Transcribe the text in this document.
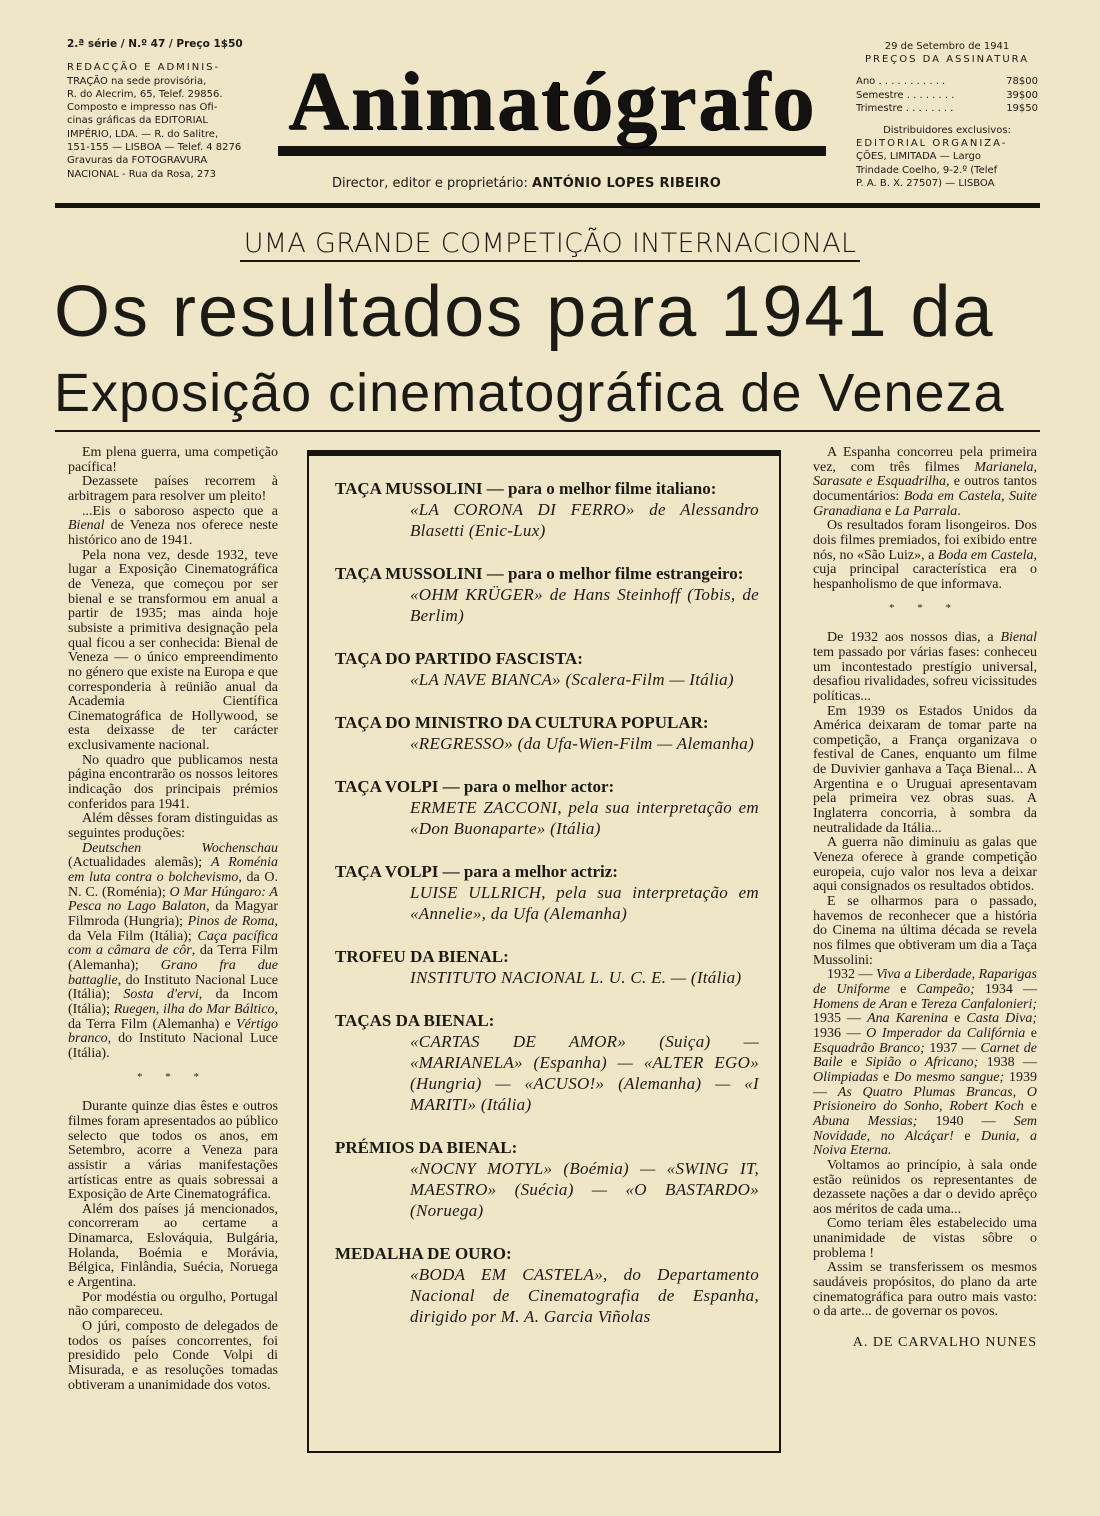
2.ª série / N.º 47 / Preço 1$50
REDACÇÃO E ADMINIS-
TRAÇÃO na sede provisória,
R. do Alecrim, 65, Telef. 29856.
Composto e impresso nas Ofi-
cinas gráficas da EDITORIAL
IMPÉRIO, LDA. — R. do Salitre,
151-155 — LISBOA — Telef. 4 8276
Gravuras da FOTOGRAVURA
NACIONAL - Rua da Rosa, 273
Animatógrafo
Director, editor e proprietário: ANTÓNIO LOPES RIBEIRO
29 de Setembro de 1941
PREÇOS DA ASSINATURA
Ano . . . . . . . . . . .	78$00
Semestre . . . . . . . .	39$00
Trimestre . . . . . . . .	19$50
Distribuidores exclusivos:
EDITORIAL ORGANIZA-
ÇÕES, LIMITADA — Largo
Trindade Coelho, 9-2.º (Telef
P. A. B. X. 27507) — LISBOA
UMA GRANDE COMPETIÇÃO INTERNACIONAL
Os resultados para 1941 da
Exposição cinematográfica de Veneza

Em plena guerra, uma competição pacífica!

Dezassete países recorrem à arbitragem para resolver um pleito!

...Eis o saboroso aspecto que a Bienal de Veneza nos oferece neste histórico ano de 1941.

Pela nona vez, desde 1932, teve lugar a Exposição Cinematográfica de Veneza, que começou por ser bienal e se transformou em anual a partir de 1935; mas ainda hoje subsiste a primitiva designação pela qual ficou a ser conhecida: Bienal de Veneza — o único empreendimento no género que existe na Europa e que corresponderia à reünião anual da Academia Científica Cinematográfica de Hollywood, se esta deixasse de ter carácter exclusivamente nacional.

No quadro que publicamos nesta página encontrarão os nossos leitores indicação dos principais prémios conferidos para 1941.

Além dêsses foram distinguidas as seguintes produções:

Deutschen Wochenschau (Actualidades alemãs); A Roménia em luta contra o bolchevismo, da O. N. C. (Roménia); O Mar Húngaro: A Pesca no Lago Balaton, da Magyar Filmroda (Hungria); Pinos de Roma, da Vela Film (Itália); Caça pacífica com a câmara de côr, da Terra Film (Alemanha); Grano fra due battaglie, do Instituto Nacional Luce (Itália); Sosta d'ervi, da Incom (Itália); Ruegen, ilha do Mar Báltico, da Terra Film (Alemanha) e Vértigo branco, do Instituto Nacional Luce (Itália).

* * *

Durante quinze dias êstes e outros filmes foram apresentados ao público selecto que todos os anos, em Setembro, acorre a Veneza para assistir a várias manifestações artísticas entre as quais sobressai a Exposição de Arte Cinematográfica.

Além dos países já mencionados, concorreram ao certame a Dinamarca, Eslováquia, Bulgária, Holanda, Boémia e Morávia, Bélgica, Finlândia, Suécia, Noruega e Argentina.

Por modéstia ou orgulho, Portugal não compareceu.

O júri, composto de delegados de todos os países concorrentes, foi presidido pelo Conde Volpi di Misurada, e as resoluções tomadas obtiveram a unanimidade dos votos.

TAÇA MUSSOLINI — para o melhor filme italiano:
«LA CORONA DI FERRO» de Alessandro Blasetti (Enic-Lux)
TAÇA MUSSOLINI — para o melhor filme estrangeiro:
«OHM KRÜGER» de Hans Steinhoff (Tobis, de Berlim)
TAÇA DO PARTIDO FASCISTA:
«LA NAVE BIANCA» (Scalera-Film — Itália)
TAÇA DO MINISTRO DA CULTURA POPULAR:
«REGRESSO» (da Ufa-Wien-Film — Alemanha)
TAÇA VOLPI — para o melhor actor:
ERMETE ZACCONI, pela sua interpretação em «Don Buonaparte» (Itália)
TAÇA VOLPI — para a melhor actriz:
LUISE ULLRICH, pela sua interpretação em «Annelie», da Ufa (Alemanha)
TROFEU DA BIENAL:
INSTITUTO NACIONAL L. U. C. E. — (Itália)
TAÇAS DA BIENAL:
«CARTAS DE AMOR» (Suiça) — «MARIANELA» (Espanha) — «ALTER EGO» (Hungria) — «ACUSO!» (Alemanha) — «I MARITI» (Itália)
PRÉMIOS DA BIENAL:
«NOCNY MOTYL» (Boémia) — «SWING IT, MAESTRO» (Suécia) — «O BASTARDO» (Noruega)
MEDALHA DE OURO:
«BODA EM CASTELA», do Departamento Nacional de Cinematografia de Espanha, dirigido por M. A. Garcia Viñolas

A Espanha concorreu pela primeira vez, com três filmes Marianela, Sarasate e Esquadrilha, e outros tantos documentários: Boda em Castela, Suite Granadiana e La Parrala.

Os resultados foram lisongeiros. Dos dois filmes premiados, foi exibido entre nós, no «São Luiz», a Boda em Castela, cuja principal característica era o hespanholismo de que informava.

* * *

De 1932 aos nossos dias, a Bienal tem passado por várias fases: conheceu um incontestado prestígio universal, desafiou rivalidades, sofreu vicissitudes políticas...

Em 1939 os Estados Unidos da América deixaram de tomar parte na competição, a França organizava o festival de Canes, enquanto um filme de Duvivier ganhava a Taça Bienal... A Argentina e o Uruguai apresentavam pela primeira vez obras suas. A Inglaterra concorria, à sombra da neutralidade da Itália...

A guerra não diminuiu as galas que Veneza oferece à grande competição europeia, cujo valor nos leva a deixar aqui consignados os resultados obtidos.

E se olharmos para o passado, havemos de reconhecer que a história do Cinema na última década se revela nos filmes que obtiveram um dia a Taça Mussolini:

1932 — Viva a Liberdade, Raparigas de Uniforme e Campeão; 1934 — Homens de Aran e Tereza Canfalonieri; 1935 — Ana Karenina e Casta Diva; 1936 — O Imperador da Califórnia e Esquadrão Branco; 1937 — Carnet de Baile e Sipião o Africano; 1938 — Olimpiadas e Do mesmo sangue; 1939 — As Quatro Plumas Brancas, O Prisioneiro do Sonho, Robert Koch e Abuna Messias; 1940 — Sem Novidade, no Alcáçar! e Dunia, a Noiva Eterna.

Voltamos ao princípio, à sala onde estão reünidos os representantes de dezassete nações a dar o devido aprêço aos méritos de cada uma...

Como teriam êles estabelecido uma unanimidade de vistas sôbre o problema !

Assim se transferissem os mesmos saudáveis propósitos, do plano da arte cinematográfica para outro mais vasto: o da arte... de governar os povos.

A. DE CARVALHO NUNES
